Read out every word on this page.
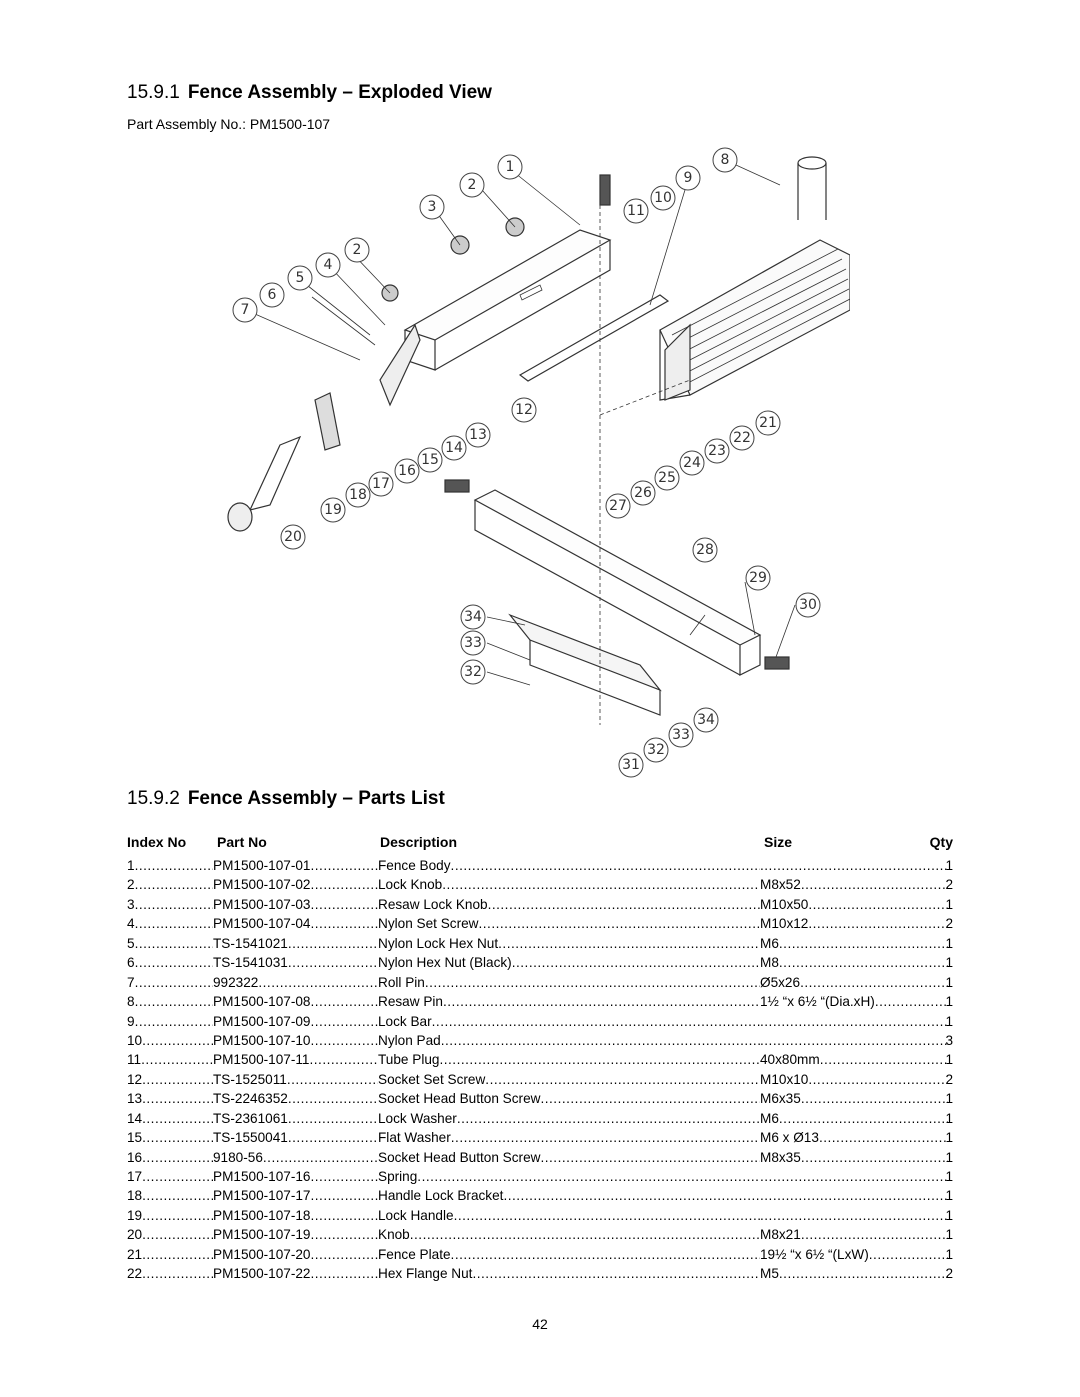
15.9.1 Fence Assembly – Exploded View
Part Assembly No.: PM1500-107
1
2
3
2
4
5
6
7
8
9
10
11
12
13
14
15
16
17
18
19
20
21
22
23
24
25
26
27
28
29
30
34
33
32
31
32
33
34
15.9.2 Fence Assembly – Parts List
Index No Part No	Description	Size	Qty
1 .....	PM1500-107-01 .....	Fence Body ..... .....	1
2 .....	PM1500-107-02 .....	Lock Knob .....	M8x52 .....	2
3 .....	PM1500-107-03 .....	Resaw Lock Knob .....	M10x50 .....	1
4 .....	PM1500-107-04 .....	Nylon Set Screw .....	M10x12 .....	2
5 .....	TS-1541021 .....	Nylon Lock Hex Nut .....	M6 .....	1
6 .....	TS-1541031 .....	Nylon Hex Nut (Black) .....	M8 .....	1
7 .....	992322 .....	Roll Pin .....	Ø5x26 .....	1
8 .....	PM1500-107-08 .....	Resaw Pin .....	1½ “x 6½ “(Dia.xH) .....	1
9 .....	PM1500-107-09 .....	Lock Bar ..... .....	1
10 .....	PM1500-107-10 .....	Nylon Pad ..... .....	3
11 .....	PM1500-107-11 .....	Tube Plug .....	40x80mm .....	1
12 .....	TS-1525011 .....	Socket Set Screw .....	M10x10 .....	2
13 .....	TS-2246352 .....	Socket Head Button Screw .....	M6x35 .....	1
14 .....	TS-2361061 .....	Lock Washer .....	M6 .....	1
15 .....	TS-1550041 .....	Flat Washer .....	M6 x Ø13 .....	1
16 .....	9180-56 .....	Socket Head Button Screw .....	M8x35 .....	1
17 .....	PM1500-107-16 .....	Spring ..... .....	1
18 .....	PM1500-107-17 .....	Handle Lock Bracket ..... .....	1
19 .....	PM1500-107-18 .....	Lock Handle ..... .....	1
20 .....	PM1500-107-19 .....	Knob .....	M8x21 .....	1
21 .....	PM1500-107-20 .....	Fence Plate .....	19½ “x 6½ “(LxW) .....	1
22 .....	PM1500-107-22 .....	Hex Flange Nut .....	M5 .....	2
42
